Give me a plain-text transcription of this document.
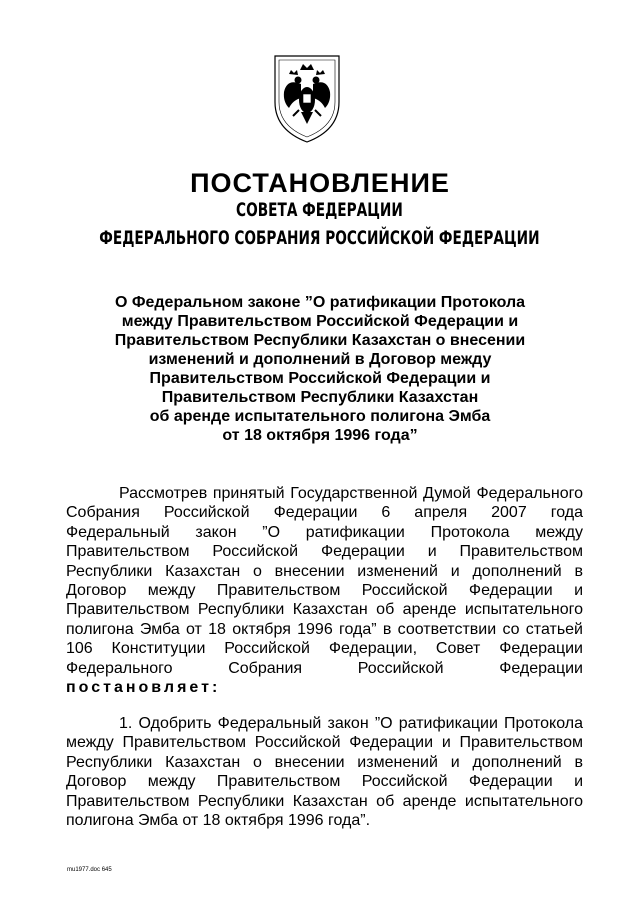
ПОСТАНОВЛЕНИЕ
СОВЕТА ФЕДЕРАЦИИ
ФЕДЕРАЛЬНОГО СОБРАНИЯ РОССИЙСКОЙ ФЕДЕРАЦИИ
О Федеральном законе ”О ратификации Протокола
между Правительством Российской Федерации и
Правительством Республики Казахстан о внесении
изменений и дополнений в Договор между
Правительством Российской Федерации и
Правительством Республики Казахстан
об аренде испытательного полигона Эмба
от 18 октября 1996 года”
Рассмотрев принятый Государственной Думой Федерального
Собрания Российской Федерации 6 апреля 2007 года
Федеральный закон ”О ратификации Протокола между
Правительством Российской Федерации и Правительством
Республики Казахстан о внесении изменений и дополнений в
Договор между Правительством Российской Федерации и
Правительством Республики Казахстан об аренде испытательного
полигона Эмба от 18 октября 1996 года” в соответствии со статьей
106 Конституции Российской Федерации, Совет Федерации
Федерального Собрания Российской Федерации
постановляет:
1. Одобрить Федеральный закон ”О ратификации Протокола
между Правительством Российской Федерации и Правительством
Республики Казахстан о внесении изменений и дополнений в
Договор между Правительством Российской Федерации и
Правительством Республики Казахстан об аренде испытательного
полигона Эмба от 18 октября 1996 года”.
mu1977.doc 645
